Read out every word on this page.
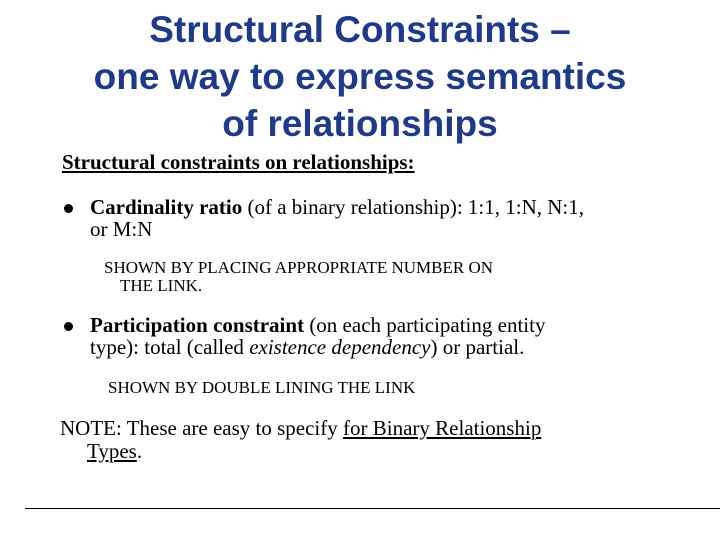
Structural Constraints –
one way to express semantics
of relationships
Structural constraints on relationships:
Cardinality ratio (of a binary relationship): 1:1, 1:N, N:1,
or M:N
SHOWN BY PLACING APPROPRIATE NUMBER ON
THE LINK.
Participation constraint (on each participating entity
type): total (called existence dependency) or partial.
SHOWN BY DOUBLE LINING THE LINK
NOTE: These are easy to specify for Binary Relationship
Types.
